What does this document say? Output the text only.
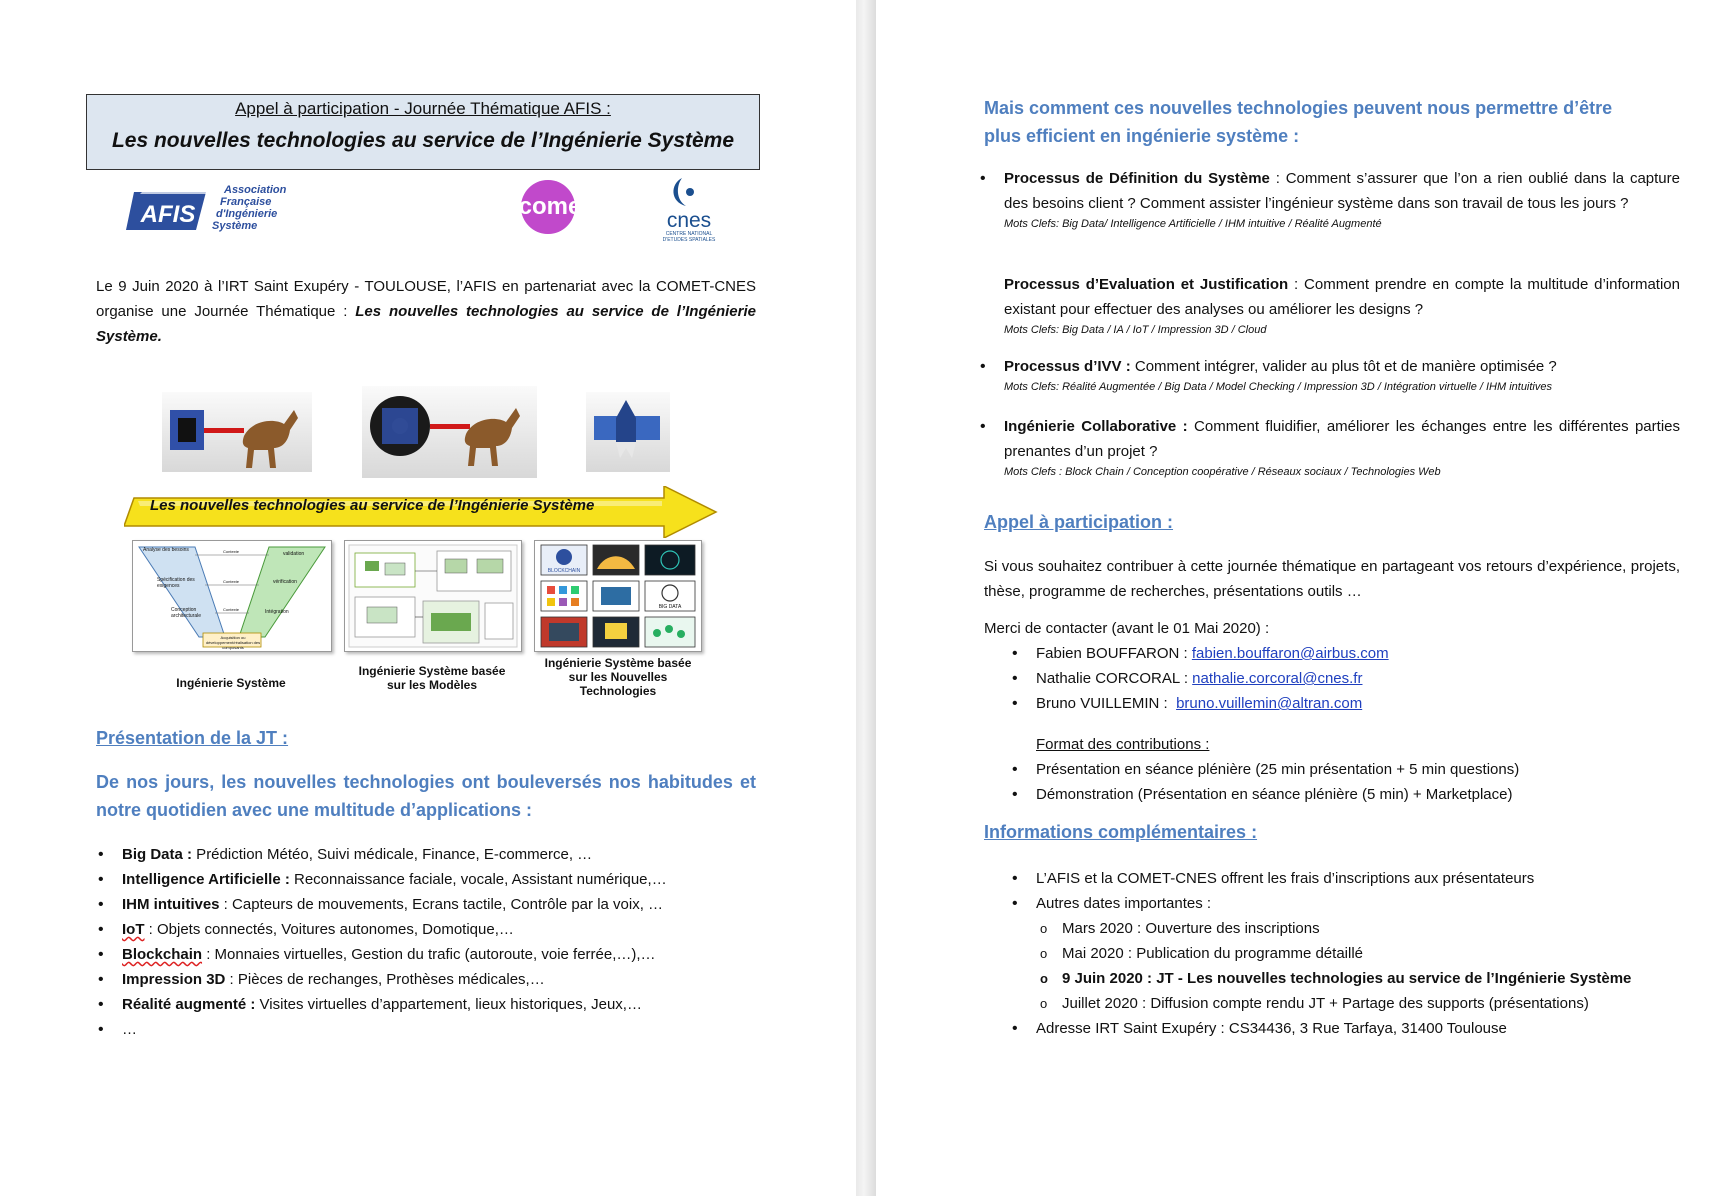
Appel à participation - Journée Thématique AFIS :
Les nouvelles technologies au service de l’Ingénierie Système
AFIS
Association
Française
d'Ingénierie
Système
comet
cnes
CENTRE NATIONAL
D'ETUDES SPATIALES
Le 9 Juin 2020 à l’IRT Saint Exupéry - TOULOUSE, l’AFIS en partenariat avec la COMET-CNES organise une Journée Thématique : Les nouvelles technologies au service de l’Ingénierie Système.
Les nouvelles technologies au service de l’Ingénierie Système
Analyse des besoins
Spécification des exigences
Conception architecturale
validation
vérification
Intégration
Acquisition ou développement/réalisation des composants
Contexte
Contexte
Contexte
BLOCKCHAIN
BIG DATA
Ingénierie Système
Ingénierie Système basée sur les Modèles
Ingénierie Système basée sur les Nouvelles Technologies
Présentation de la JT :
De nos jours, les nouvelles technologies ont bouleversés nos habitudes et notre quotidien avec une multitude d’applications :
• Big Data : Prédiction Météo, Suivi médicale, Finance, E-commerce, …
• Intelligence Artificielle : Reconnaissance faciale, vocale, Assistant numérique,…
• IHM intuitives : Capteurs de mouvements, Ecrans tactile, Contrôle par la voix, …
• IoT : Objets connectés, Voitures autonomes, Domotique,…
• Blockchain : Monnaies virtuelles, Gestion du trafic (autoroute, voie ferrée,…),…
• Impression 3D : Pièces de rechanges, Prothèses médicales,…
• Réalité augmenté : Visites virtuelles d’appartement, lieux historiques, Jeux,…
• …
Mais comment ces nouvelles technologies peuvent nous permettre d’être plus efficient en ingénierie système :
• Processus de Définition du Système : Comment s’assurer que l’on a rien oublié dans la capture des besoins client ? Comment assister l’ingénieur système dans son travail de tous les jours ?
Mots Clefs: Big Data/ Intelligence Artificielle / IHM intuitive / Réalité Augmenté
Processus d’Evaluation et Justification : Comment prendre en compte la multitude d’information existant pour effectuer des analyses ou améliorer les designs ?
Mots Clefs: Big Data / IA / IoT / Impression 3D / Cloud
• Processus d’IVV : Comment intégrer, valider au plus tôt et de manière optimisée ?
Mots Clefs: Réalité Augmentée / Big Data / Model Checking / Impression 3D / Intégration virtuelle / IHM intuitives
• Ingénierie Collaborative : Comment fluidifier, améliorer les échanges entre les différentes parties prenantes d’un projet ?
Mots Clefs : Block Chain / Conception coopérative / Réseaux sociaux / Technologies Web
Appel à participation :
Si vous souhaitez contribuer à cette journée thématique en partageant vos retours d’expérience, projets, thèse, programme de recherches, présentations outils …
Merci de contacter (avant le 01 Mai 2020) :
• Fabien BOUFFARON : fabien.bouffaron@airbus.com
• Nathalie CORCORAL : nathalie.corcoral@cnes.fr
• Bruno VUILLEMIN :  bruno.vuillemin@altran.com
Format des contributions :
• Présentation en séance plénière (25 min présentation + 5 min questions)
• Démonstration (Présentation en séance plénière (5 min) + Marketplace)
Informations complémentaires :
• L’AFIS et la COMET-CNES offrent les frais d’inscriptions aux présentateurs
• Autres dates importantes :
o Mars 2020 : Ouverture des inscriptions
o Mai 2020 : Publication du programme détaillé
o 9 Juin 2020 : JT - Les nouvelles technologies au service de l’Ingénierie Système
o Juillet 2020 : Diffusion compte rendu JT + Partage des supports (présentations)
• Adresse IRT Saint Exupéry : CS34436, 3 Rue Tarfaya, 31400 Toulouse
